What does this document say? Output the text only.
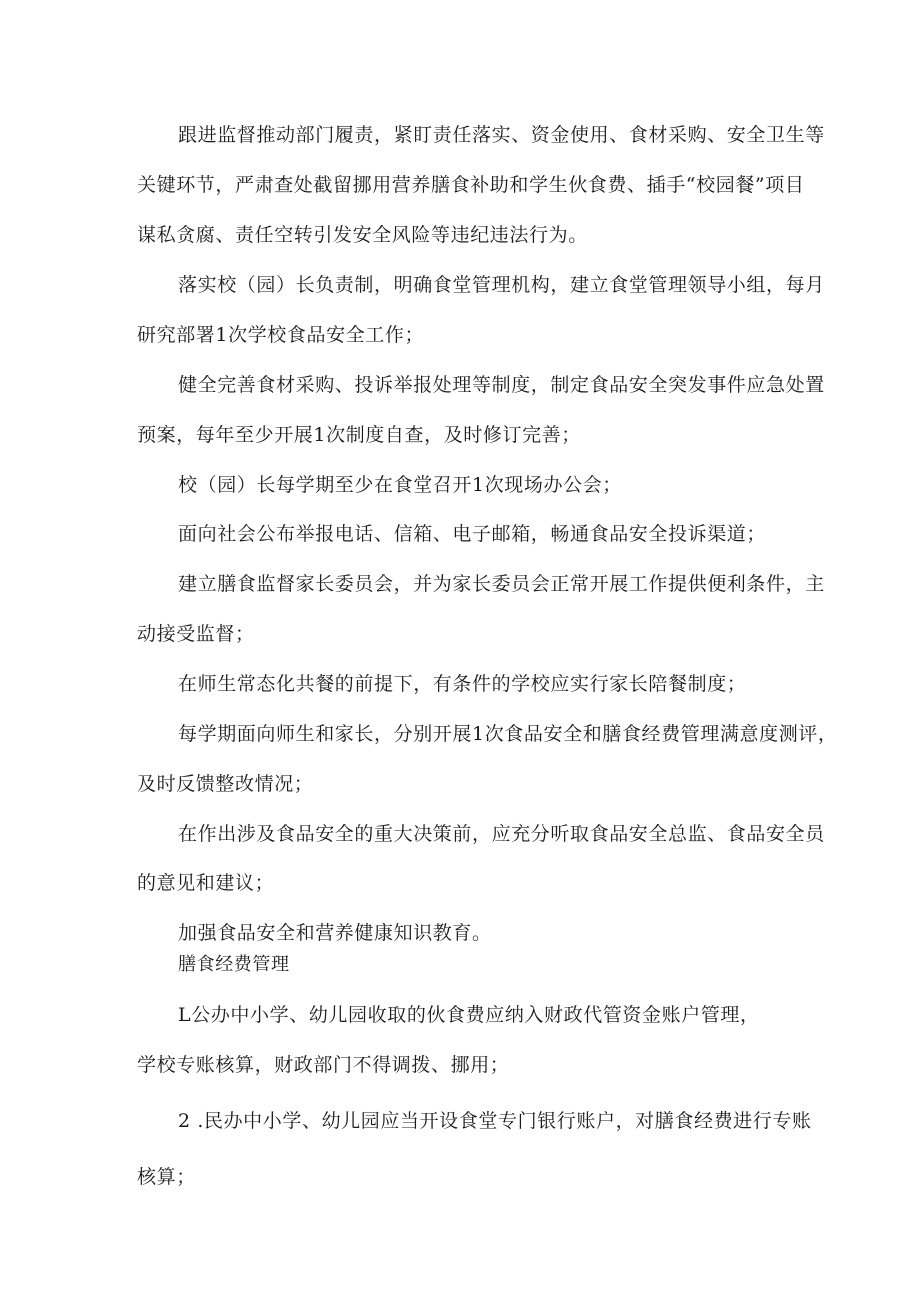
跟进监督推动部门履责，紧盯责任落实、资金使用、食材采购、安全卫生等
关键环节，严肃查处截留挪用营养膳食补助和学生伙食费、插手“校园餐”项目
谋私贪腐、责任空转引发安全风险等违纪违法行为。
落实校（园）长负责制，明确食堂管理机构，建立食堂管理领导小组，每月
研究部署1次学校食品安全工作；
健全完善食材采购、投诉举报处理等制度，制定食品安全突发事件应急处置
预案，每年至少开展1次制度自查，及时修订完善；
校（园）长每学期至少在食堂召开1次现场办公会；
面向社会公布举报电话、信箱、电子邮箱，畅通食品安全投诉渠道；
建立膳食监督家长委员会，并为家长委员会正常开展工作提供便利条件，主
动接受监督；
在师生常态化共餐的前提下，有条件的学校应实行家长陪餐制度；
每学期面向师生和家长，分别开展1次食品安全和膳食经费管理满意度测评，
及时反馈整改情况；
在作出涉及食品安全的重大决策前，应充分听取食品安全总监、食品安全员
的意见和建议；
加强食品安全和营养健康知识教育。
膳食经费管理
L公办中小学、幼儿园收取的伙食费应纳入财政代管资金账户管理，
学校专账核算，财政部门不得调拨、挪用；
2 .民办中小学、幼儿园应当开设食堂专门银行账户，对膳食经费进行专账
核算；
